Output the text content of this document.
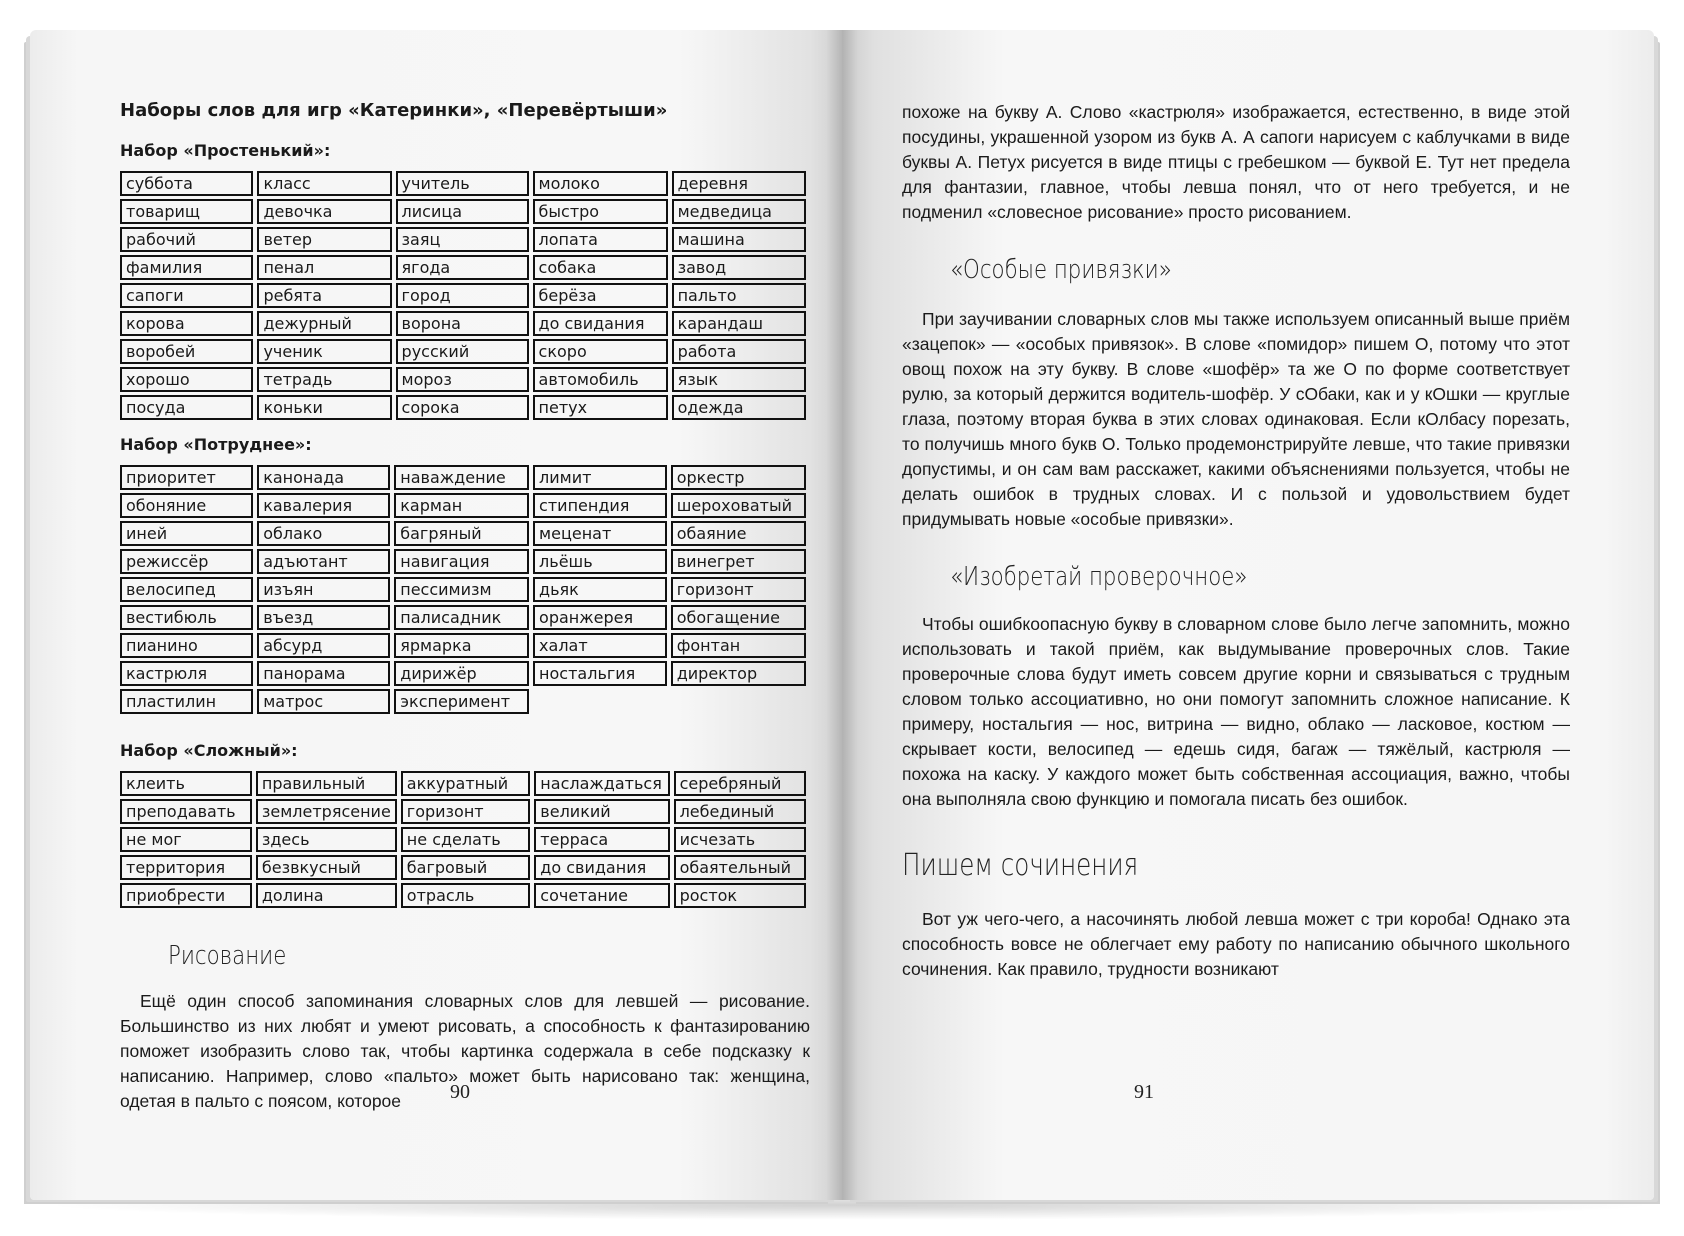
Наборы слов для игр «Катеринки», «Перевёртыши»
Набор «Простенький»:
суббота	класс	учитель	молоко	деревня
товарищ	девочка	лисица	быстро	медведица
рабочий	ветер	заяц	лопата	машина
фамилия	пенал	ягода	собака	завод
сапоги	ребята	город	берёза	пальто
корова	дежурный	ворона	до свидания	карандаш
воробей	ученик	русский	скоро	работа
хорошо	тетрадь	мороз	автомобиль	язык
посуда	коньки	сорока	петух	одежда
Набор «Потруднее»:
приоритет	канонада	наваждение	лимит	оркестр
обоняние	кавалерия	карман	стипендия	шероховатый
иней	облако	багряный	меценат	обаяние
режиссёр	адъютант	навигация	льёшь	винегрет
велосипед	изъян	пессимизм	дьяк	горизонт
вестибюль	въезд	палисадник	оранжерея	обогащение
пианино	абсурд	ярмарка	халат	фонтан
кастрюля	панорама	дирижёр	ностальгия	директор
пластилин	матрос	эксперимент		
Набор «Сложный»:
клеить	правильный	аккуратный	наслаждаться	серебряный
преподавать	землетрясение	горизонт	великий	лебединый
не мог	здесь	не сделать	терраса	исчезать
территория	безвкусный	багровый	до свидания	обаятельный
приобрести	долина	отрасль	сочетание	росток
Рисование

Ещё один способ запоминания словарных слов для левшей — рисование. Большинство из них любят и умеют рисовать, а способность к фантазированию поможет изобразить слово так, чтобы картинка содержала в себе подсказку к написанию. Например, слово «пальто» может быть нарисовано так: женщина, одетая в пальто с поясом, которое	90

похоже на букву А. Слово «кастрюля» изображается, естественно, в виде этой посудины, украшенной узором из букв А. А сапоги нарисуем с каблучками в виде буквы А. Петух рисуется в виде птицы с гребешком — буквой Е. Тут нет предела для фантазии, главное, чтобы левша понял, что от него требуется, и не подменил «словесное рисование» просто рисованием.

«Особые привязки»

При заучивании словарных слов мы также используем описанный выше приём «зацепок» — «особых привязок». В слове «помидор» пишем О, потому что этот овощ похож на эту букву. В слове «шофёр» та же О по форме соответствует рулю, за который держится водитель-шофёр. У сОбаки, как и у кОшки — круглые глаза, поэтому вторая буква в этих словах одинаковая. Если кОлбасу порезать, то получишь много букв О. Только продемонстрируйте левше, что такие привязки допустимы, и он сам вам расскажет, какими объяснениями пользуется, чтобы не делать ошибок в трудных словах. И с пользой и удовольствием будет придумывать новые «особые привязки».

«Изобретай проверочное»

Чтобы ошибкоопасную букву в словарном слове было легче запомнить, можно использовать и такой приём, как выдумывание проверочных слов. Такие проверочные слова будут иметь совсем другие корни и связываться с трудным словом только ассоциативно, но они помогут запомнить сложное написание. К примеру, ностальгия — нос, витрина — видно, облако — ласковое, костюм — скрывает кости, велосипед — едешь сидя, багаж — тяжёлый, кастрюля — похожа на каску. У каждого может быть собственная ассоциация, важно, чтобы она выполняла свою функцию и помогала писать без ошибок.

Пишем сочинения

Вот уж чего-чего, а насочинять любой левша может с три короба! Однако эта способность вовсе не облегчает ему работу по написанию обычного школьного сочинения. Как правило, трудности возникают

91
